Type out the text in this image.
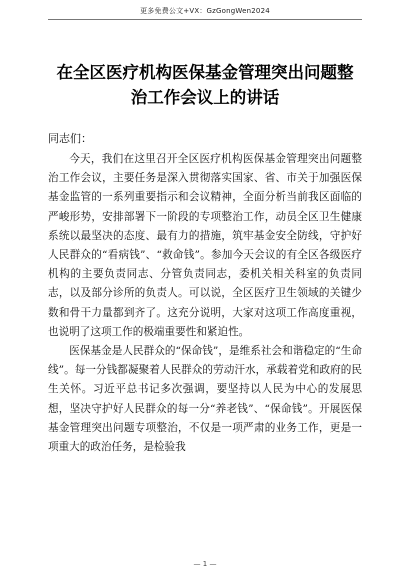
更多免费公文+VX：GzGongWen2024
在全区医疗机构医保基金管理突出问题整
治工作会议上的讲话
同志们：

今天，我们在这里召开全区医疗机构医保基金管理突出问题整治工作会议，主要任务是深入贯彻落实国家、省、市关于加强医保基金监管的一系列重要指示和会议精神，全面分析当前我区面临的严峻形势，安排部署下一阶段的专项整治工作，动员全区卫生健康系统以最坚决的态度、最有力的措施，筑牢基金安全防线，守护好人民群众的“看病钱”、“救命钱”。参加今天会议的有全区各级医疗机构的主要负责同志、分管负责同志，委机关相关科室的负责同志，以及部分诊所的负责人。可以说，全区医疗卫生领域的关键少数和骨干力量都到齐了。这充分说明，大家对这项工作高度重视，也说明了这项工作的极端重要性和紧迫性。

医保基金是人民群众的“保命钱”，是维系社会和谐稳定的“生命线”。每一分钱都凝聚着人民群众的劳动汗水，承载着党和政府的民生关怀。习近平总书记多次强调，要坚持以人民为中心的发展思想，坚决守护好人民群众的每一分“养老钱”、“保命钱”。开展医保基金管理突出问题专项整治，不仅是一项严肃的业务工作，更是一项重大的政治任务，是检验我

— 1 —
